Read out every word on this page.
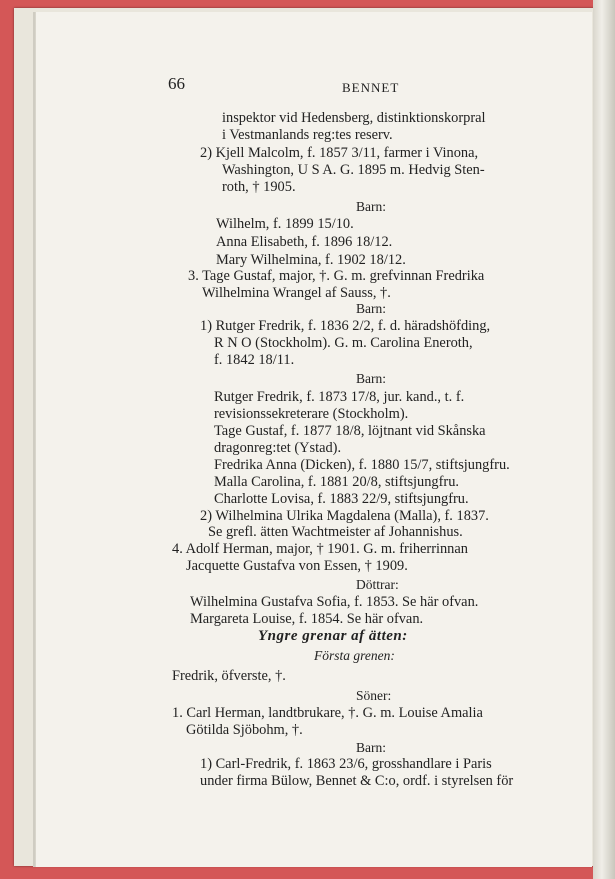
66	BENNET
inspektor vid Hedensberg, distinktionskorpral
i Vestmanlands reg:tes reserv.
2) Kjell Malcolm, f. 1857 3/11, farmer i Vinona,
Washington, U S A. G. 1895 m. Hedvig Sten-
roth, † 1905.
Barn:
Wilhelm, f. 1899 15/10.
Anna Elisabeth, f. 1896 18/12.
Mary Wilhelmina, f. 1902 18/12.
3. Tage Gustaf, major, †. G. m. grefvinnan Fredrika
Wilhelmina Wrangel af Sauss, †.
Barn:
1) Rutger Fredrik, f. 1836 2/2, f. d. häradshöfding,
R N O (Stockholm). G. m. Carolina Eneroth,
f. 1842 18/11.
Barn:
Rutger Fredrik, f. 1873 17/8, jur. kand., t. f.
revisionssekreterare (Stockholm).
Tage Gustaf, f. 1877 18/8, löjtnant vid Skånska
dragonreg:tet (Ystad).
Fredrika Anna (Dicken), f. 1880 15/7, stiftsjungfru.
Malla Carolina, f. 1881 20/8, stiftsjungfru.
Charlotte Lovisa, f. 1883 22/9, stiftsjungfru.
2) Wilhelmina Ulrika Magdalena (Malla), f. 1837.
Se grefl. ätten Wachtmeister af Johannishus.
4. Adolf Herman, major, † 1901. G. m. friherrinnan
Jacquette Gustafva von Essen, † 1909.
Döttrar:
Wilhelmina Gustafva Sofia, f. 1853. Se här ofvan.
Margareta Louise, f. 1854. Se här ofvan.
Fredrik, öfverste, †.
Söner:
1. Carl Herman, landtbrukare, †. G. m. Louise Amalia
Götilda Sjöbohm, †.
Barn:
1) Carl-Fredrik, f. 1863 23/6, grosshandlare i Paris
under firma Bülow, Bennet & C:o, ordf. i styrelsen för
Yngre grenar af ätten:
Första grenen:
